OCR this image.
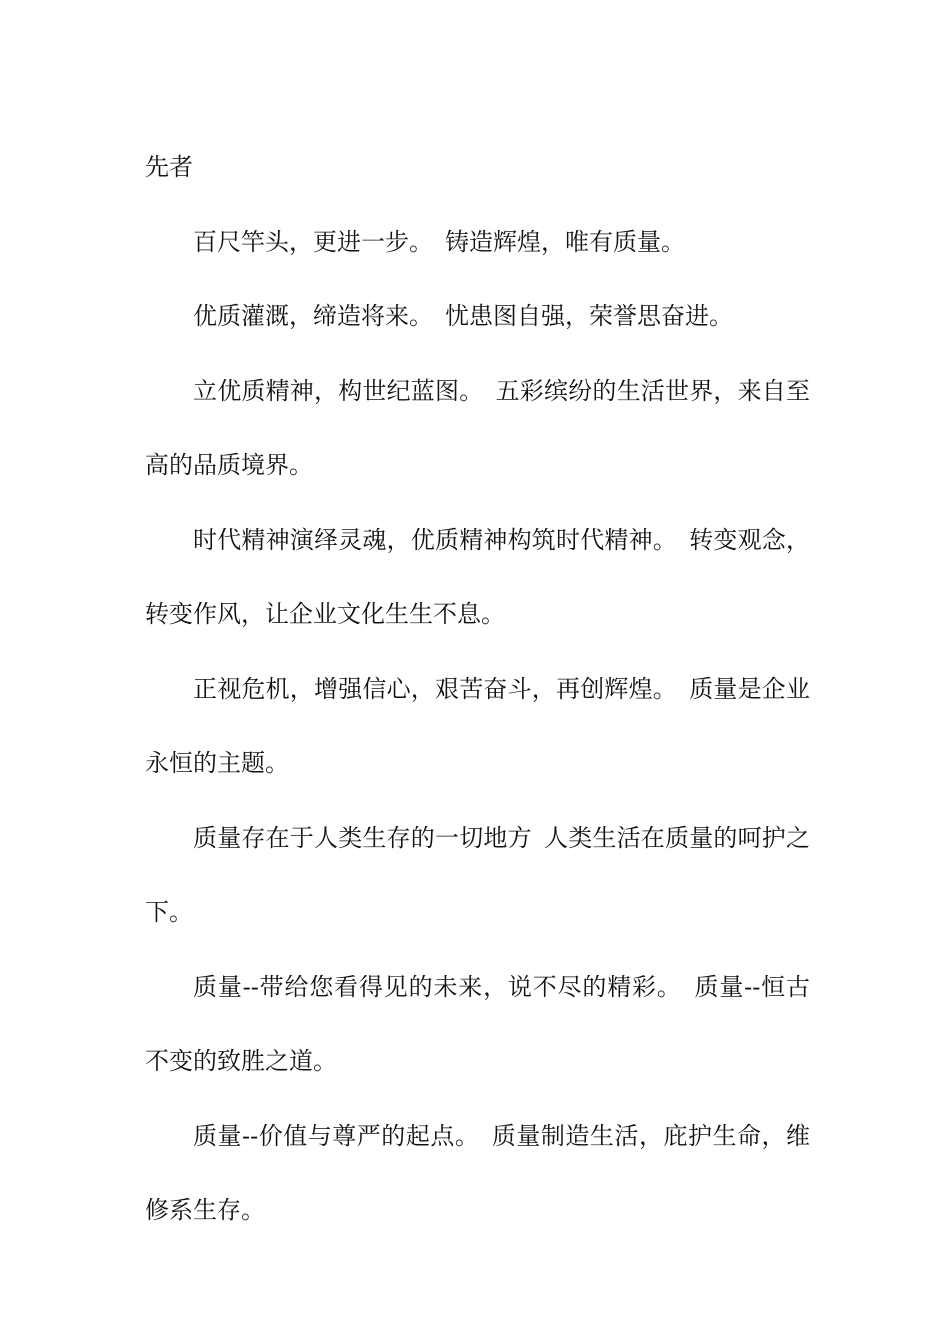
先者

百尺竿头，更进一步。  铸造辉煌，唯有质量。

优质灌溉，缔造将来。  忧患图自强，荣誉思奋进。

立优质精神，构世纪蓝图。  五彩缤纷的生活世界，来自至高的品质境界。

时代精神演绎灵魂，优质精神构筑时代精神。  转变观念，转变作风，让企业文化生生不息。

正视危机，增强信心，艰苦奋斗，再创辉煌。  质量是企业永恒的主题。

质量存在于人类生存的一切地方  人类生活在质量的呵护之下。

质量--带给您看得见的未来，说不尽的精彩。  质量--恒古不变的致胜之道。

质量--价值与尊严的起点。  质量制造生活，庇护生命，维修系生存。
